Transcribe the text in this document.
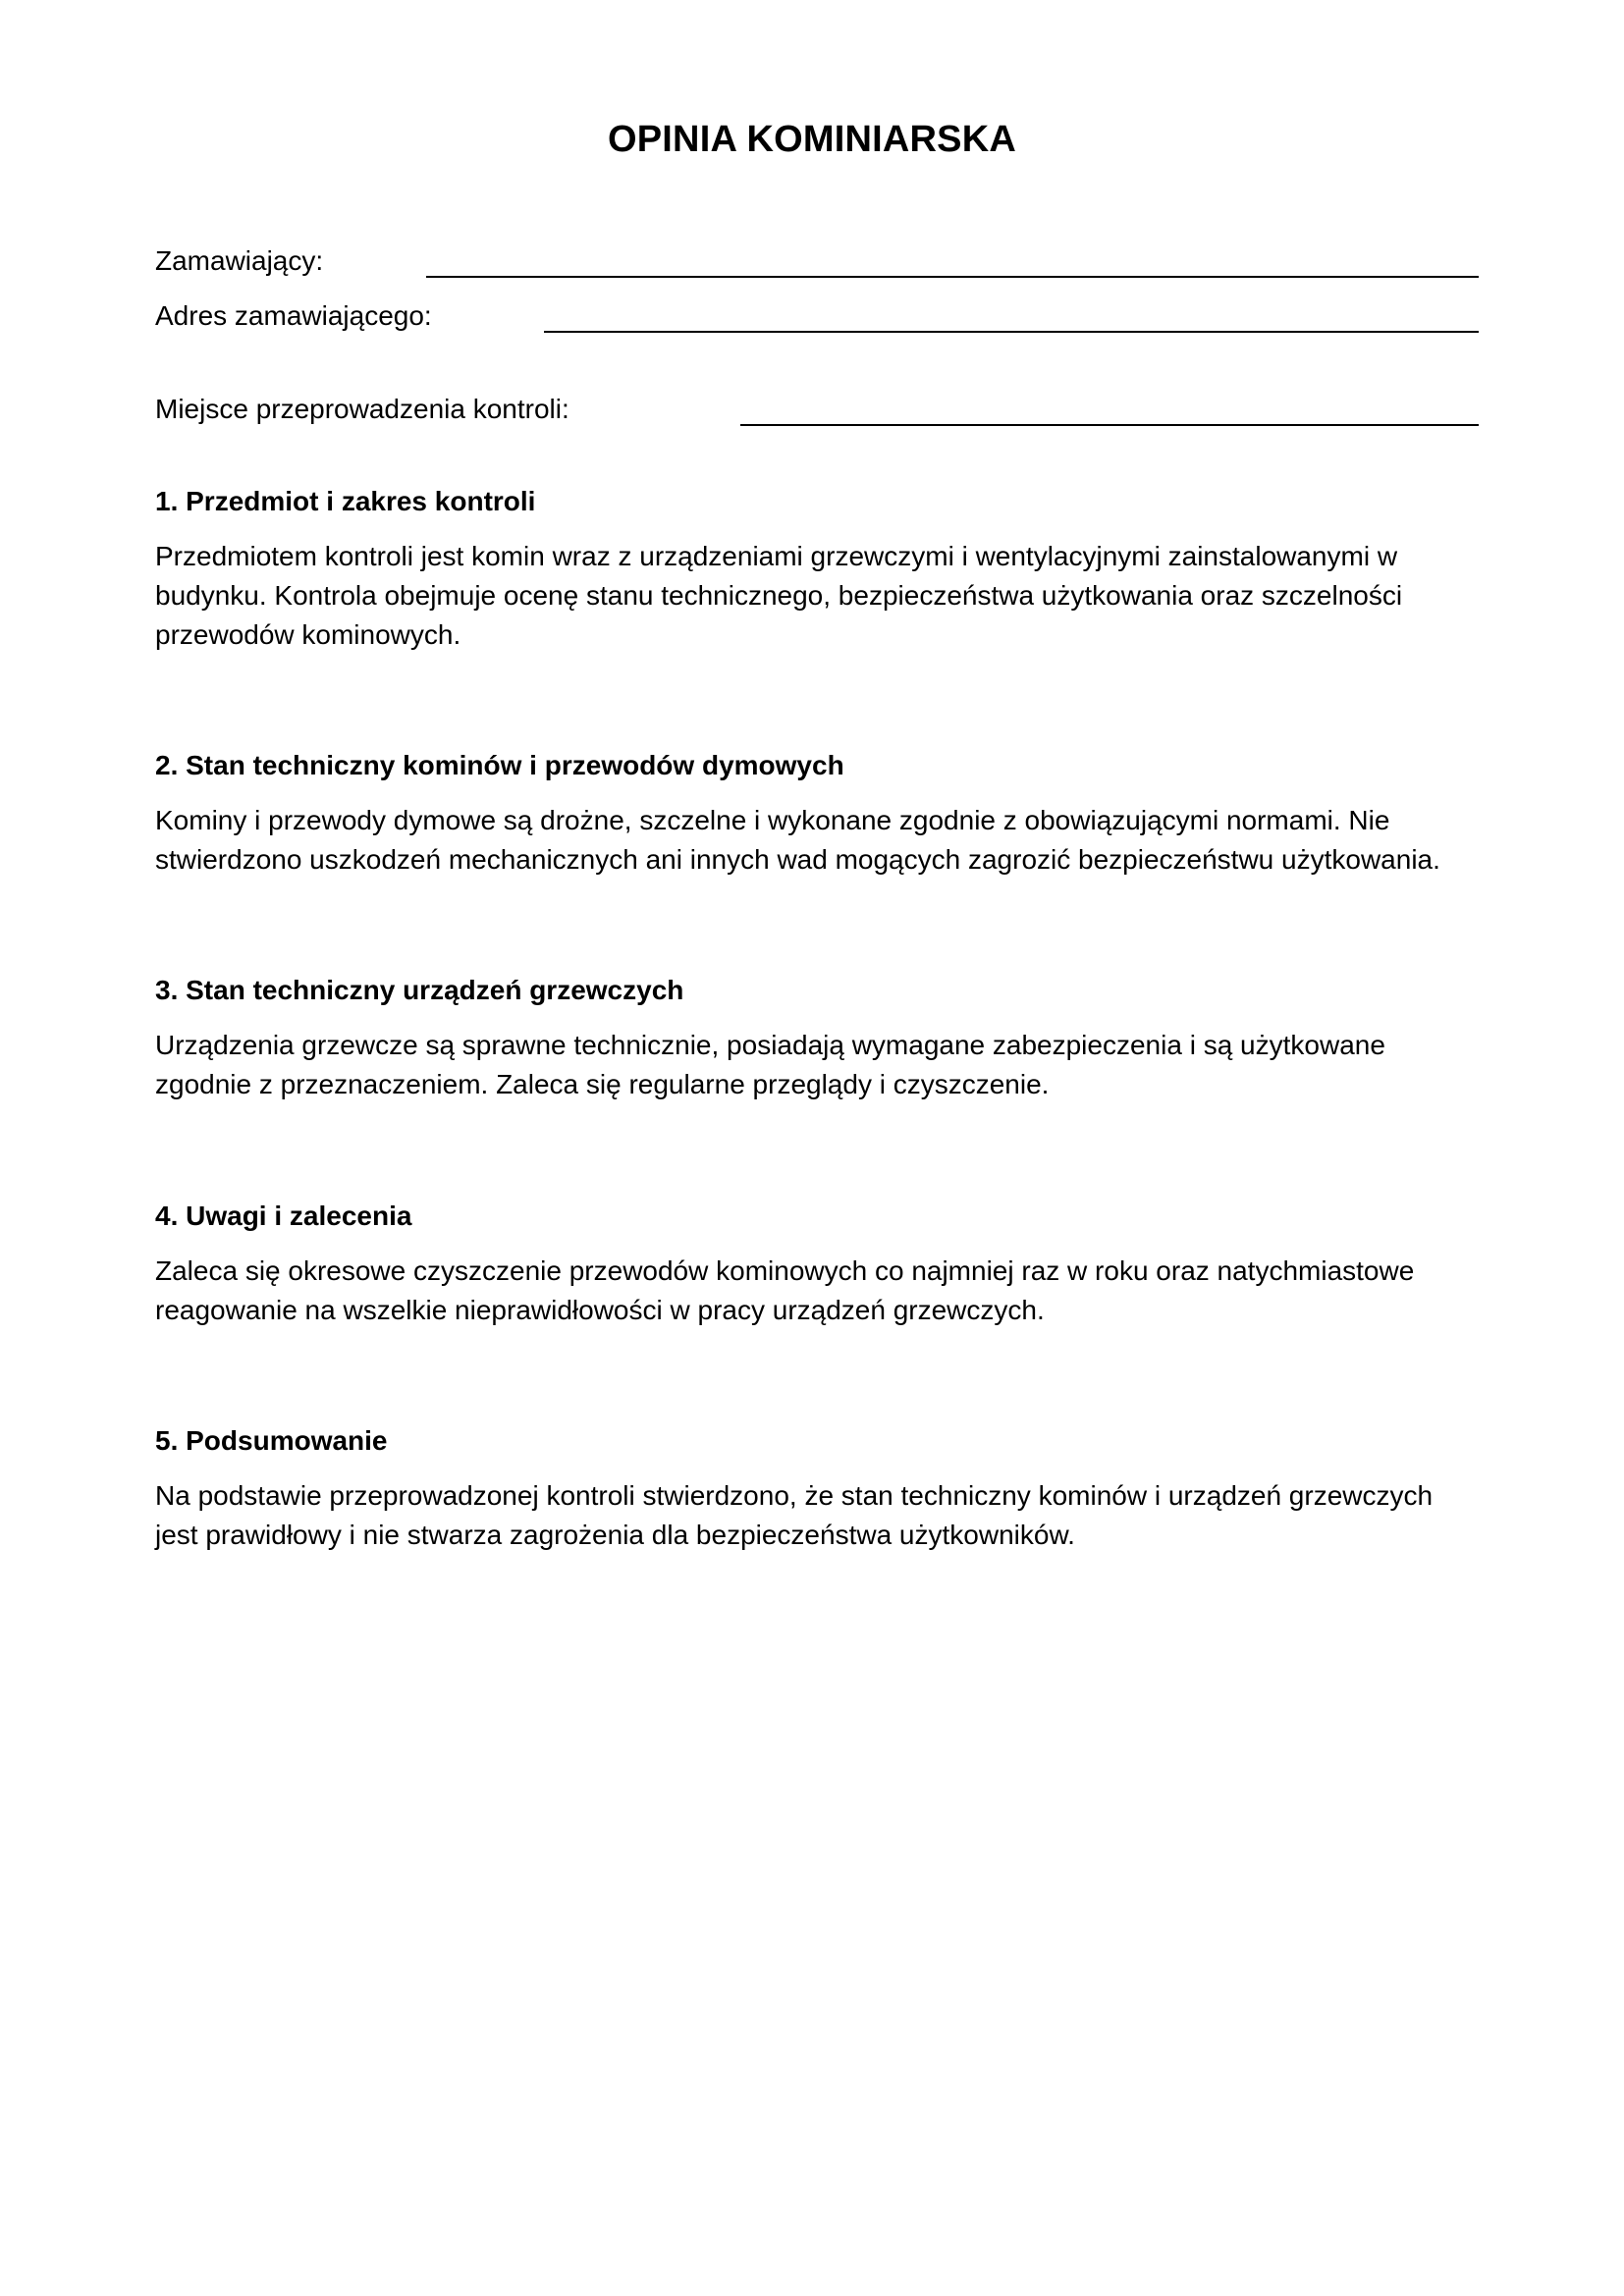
OPINIA KOMINIARSKA
Zamawiający:
Adres zamawiającego:
Miejsce przeprowadzenia kontroli:

1. Przedmiot i zakres kontroli

Przedmiotem kontroli jest komin wraz z urządzeniami grzewczymi i wentylacyjnymi zainstalowanymi w budynku. Kontrola obejmuje ocenę stanu technicznego, bezpieczeństwa użytkowania oraz szczelności przewodów kominowych.

2. Stan techniczny kominów i przewodów dymowych

Kominy i przewody dymowe są drożne, szczelne i wykonane zgodnie z obowiązującymi normami. Nie stwierdzono uszkodzeń mechanicznych ani innych wad mogących zagrozić bezpieczeństwu użytkowania.

3. Stan techniczny urządzeń grzewczych

Urządzenia grzewcze są sprawne technicznie, posiadają wymagane zabezpieczenia i są użytkowane zgodnie z przeznaczeniem. Zaleca się regularne przeglądy i czyszczenie.

4. Uwagi i zalecenia

Zaleca się okresowe czyszczenie przewodów kominowych co najmniej raz w roku oraz natychmiastowe reagowanie na wszelkie nieprawidłowości w pracy urządzeń grzewczych.

5. Podsumowanie

Na podstawie przeprowadzonej kontroli stwierdzono, że stan techniczny kominów i urządzeń grzewczych jest prawidłowy i nie stwarza zagrożenia dla bezpieczeństwa użytkowników.
